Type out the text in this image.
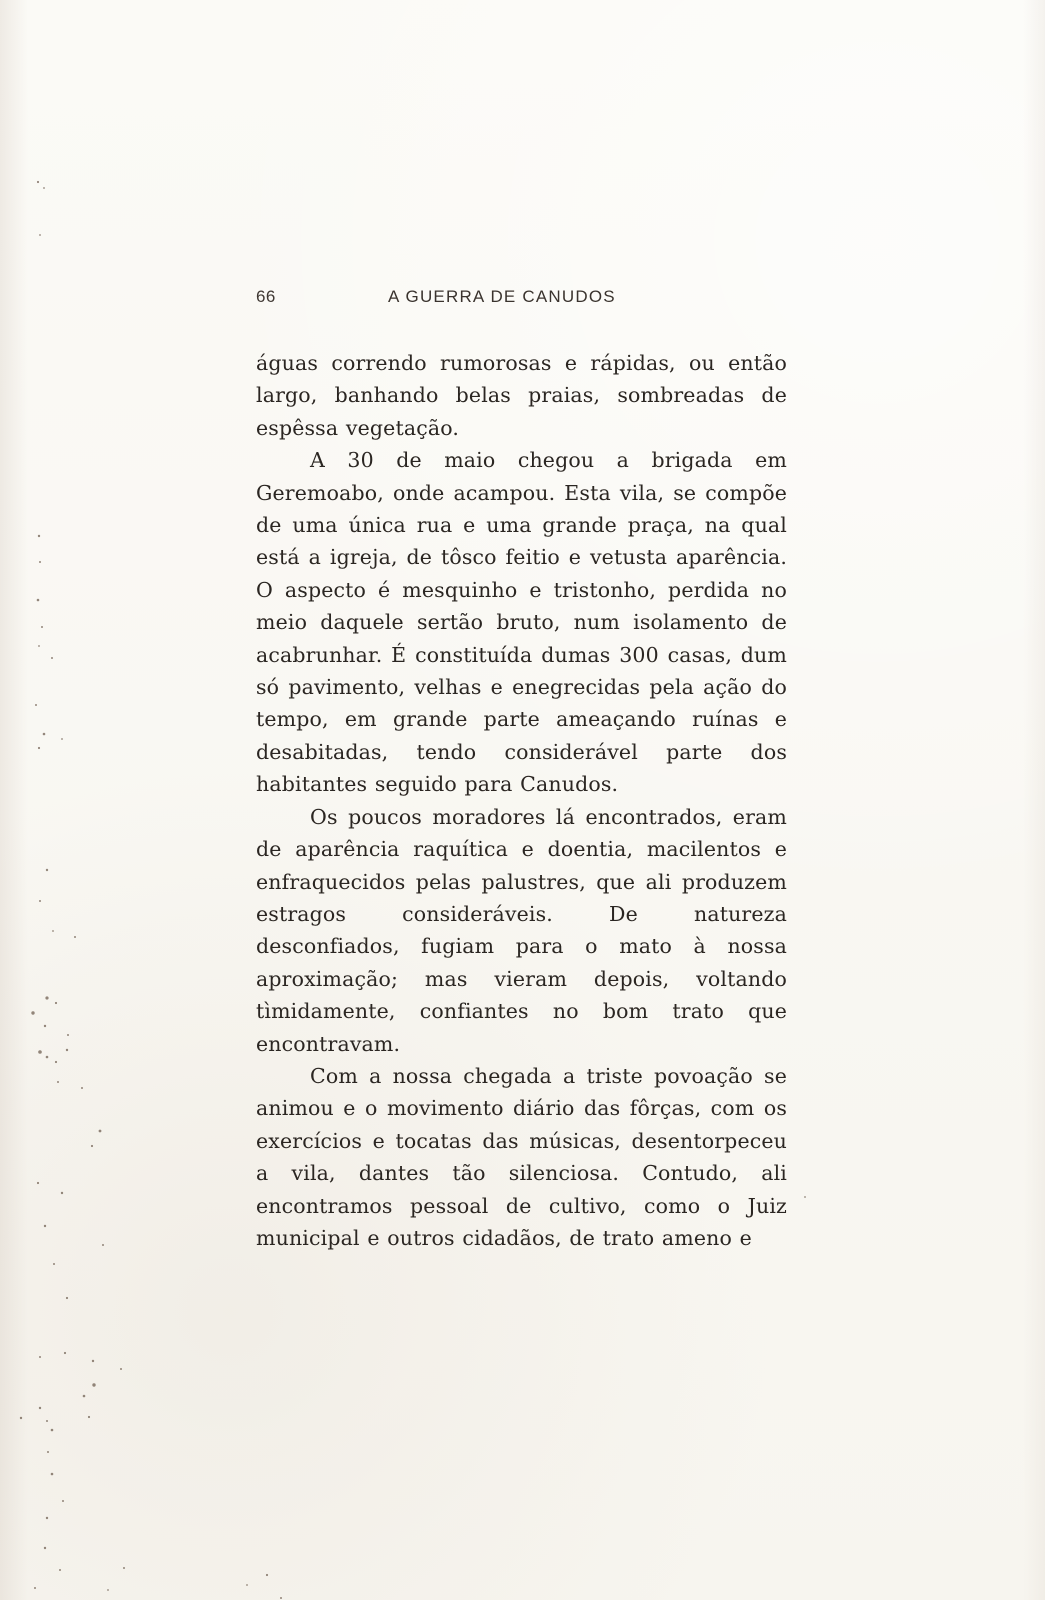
66	A GUERRA DE CANUDOS

águas correndo rumorosas e rápidas, ou então largo, banhando belas praias, sombreadas de espêssa vegetação.

A 30 de maio chegou a brigada em Geremoabo, onde acampou. Esta vila, se compõe de uma única rua e uma grande praça, na qual está a igreja, de tôsco feitio e vetusta aparência. O aspecto é mesquinho e tristonho, perdida no meio daquele sertão bruto, num isolamento de acabrunhar. É constituída dumas 300 casas, dum só pavimento, velhas e enegrecidas pela ação do tempo, em grande parte ameaçando ruínas e desabitadas, tendo considerável parte dos habitantes seguido para Canudos.

Os poucos moradores lá encontrados, eram de aparência raquítica e doentia, macilentos e enfraquecidos pelas palustres, que ali produzem estragos consideráveis. De natureza desconfiados, fugiam para o mato à nossa aproximação; mas vieram depois, voltando tìmidamente, confiantes no bom trato que encontravam.

Com a nossa chegada a triste povoação se animou e o movimento diário das fôrças, com os exercícios e tocatas das músicas, desentorpeceu a vila, dantes tão silenciosa. Contudo, ali encontramos pessoal de cultivo, como o Juiz municipal e outros cidadãos, de trato ameno e
